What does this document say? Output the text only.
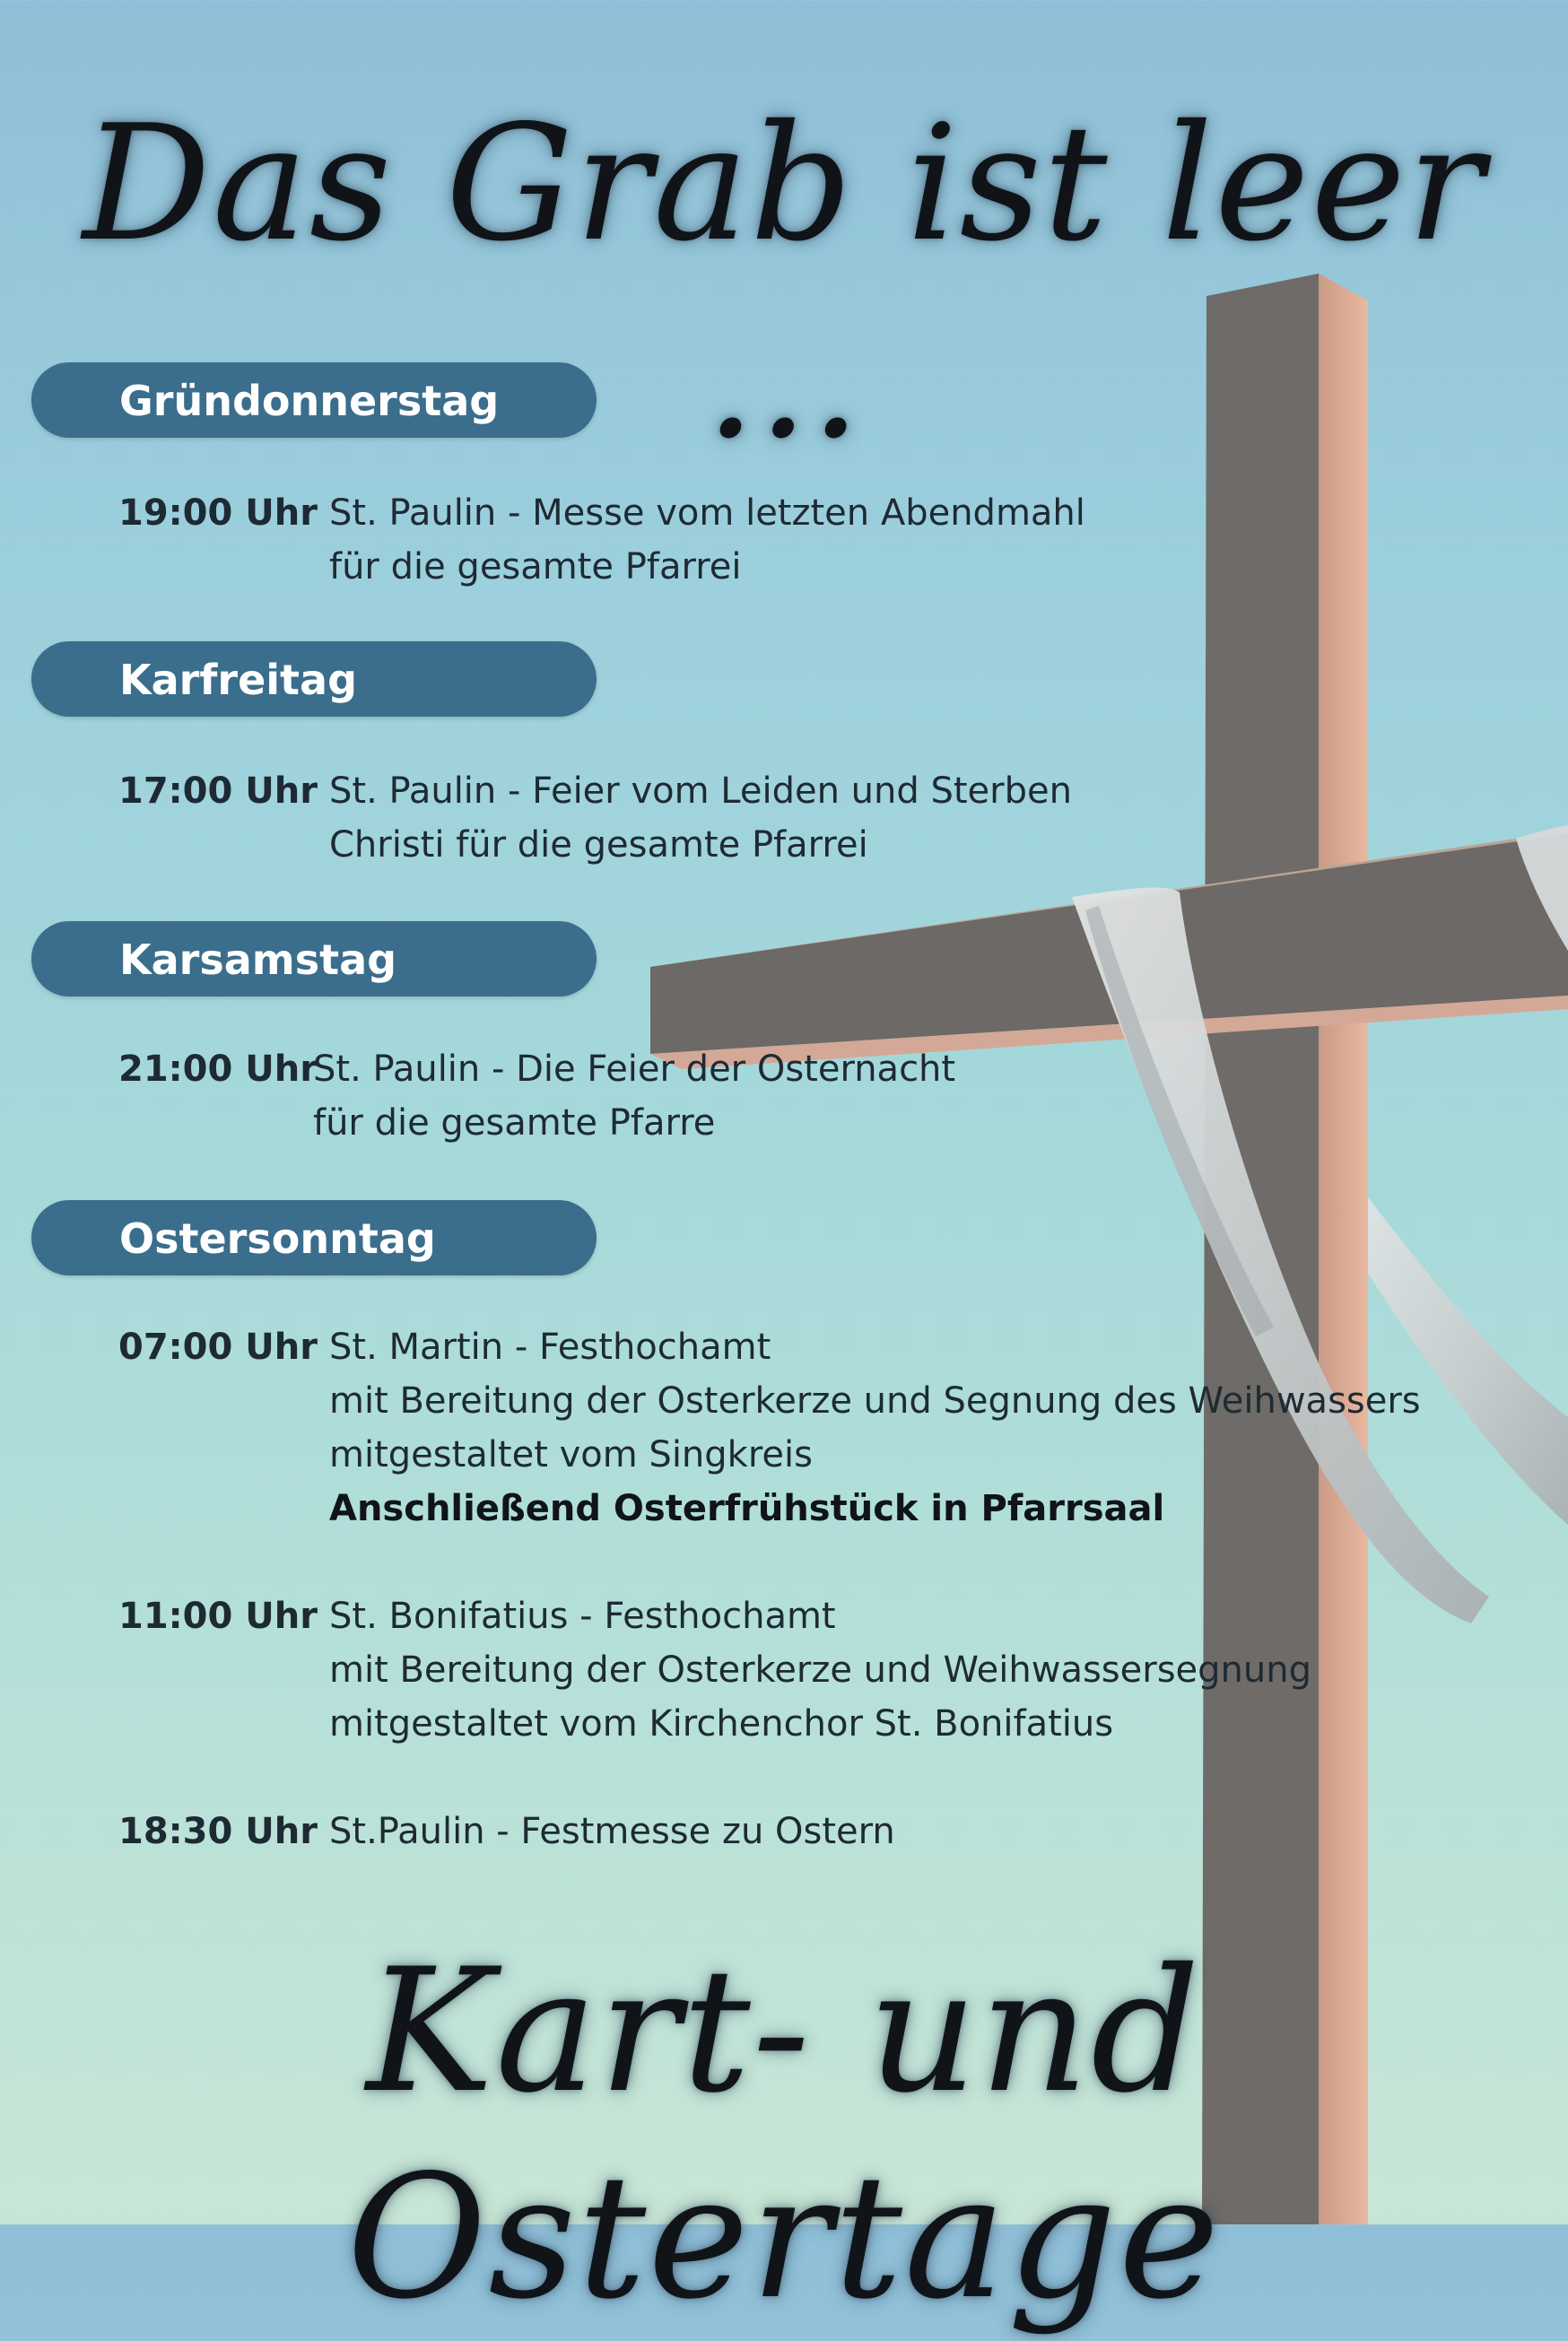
Das Grab ist leer ...
Gründonnerstag
19:00 Uhr St. Paulin - Messe vom letzten Abendmahl
für die gesamte Pfarrei
Karfreitag
17:00 Uhr St. Paulin - Feier vom Leiden und Sterben
Christi für die gesamte Pfarrei
Karsamstag
21:00 Uhr
St. Paulin - Die Feier der Osternacht
für die gesamte Pfarre
Ostersonntag
07:00 Uhr St. Martin - Festhochamt
mit Bereitung der Osterkerze und Segnung des Weihwassers
mitgestaltet vom Singkreis
Anschließend Osterfrühstück in Pfarrsaal
11:00 Uhr St. Bonifatius - Festhochamt
mit Bereitung der Osterkerze und Weihwassersegnung
mitgestaltet vom Kirchenchor St. Bonifatius
18:30 Uhr St.Paulin - Festmesse zu Ostern
Kart- und Ostertage
